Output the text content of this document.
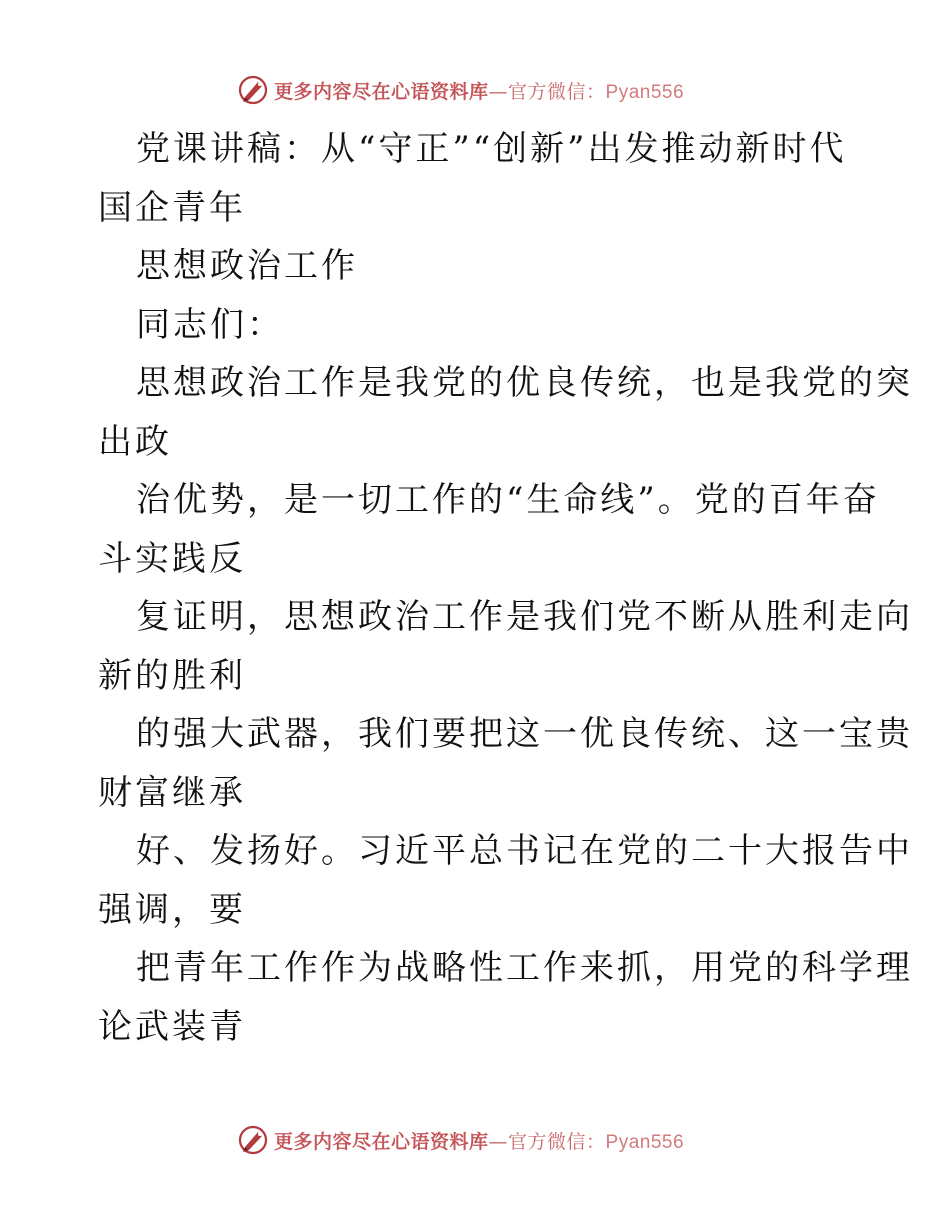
更多内容尽在心语资料库—官方微信：Pyan556
党课讲稿：从“守正”“创新”出发推动新时代
国企青年
思想政治工作
同志们：
思想政治工作是我党的优良传统，也是我党的突
出政
治优势，是一切工作的“生命线”。党的百年奋
斗实践反
复证明，思想政治工作是我们党不断从胜利走向
新的胜利
的强大武器，我们要把这一优良传统、这一宝贵
财富继承
好、发扬好。习近平总书记在党的二十大报告中
强调，要
把青年工作作为战略性工作来抓，用党的科学理
论武装青
更多内容尽在心语资料库—官方微信：Pyan556
